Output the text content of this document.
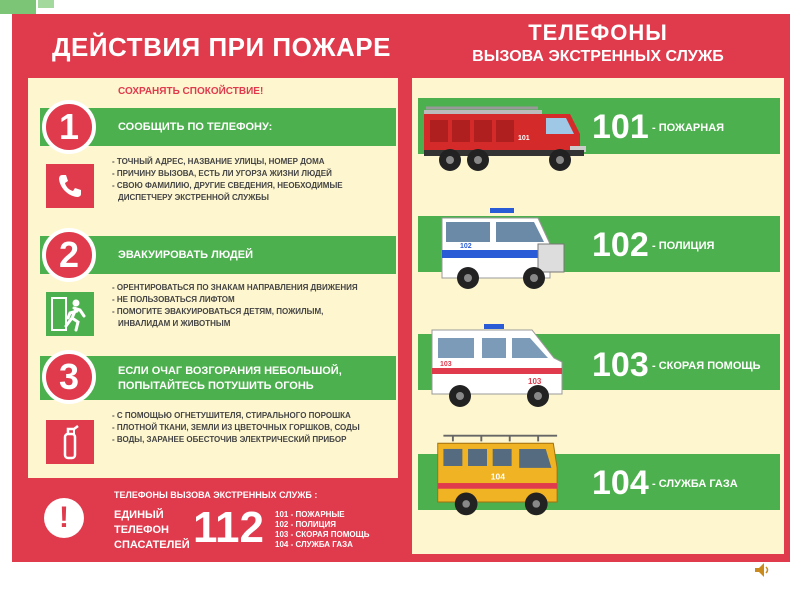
ДЕЙСТВИЯ ПРИ ПОЖАРЕ	ТЕЛЕФОНЫ
ВЫЗОВА ЭКСТРЕННЫХ СЛУЖБ
СОХРАНЯТЬ СПОКОЙСТВИЕ!
1	СООБЩИТЬ ПО ТЕЛЕФОНУ:
- ТОЧНЫЙ АДРЕС, НАЗВАНИЕ УЛИЦЫ, НОМЕР ДОМА
- ПРИЧИНУ ВЫЗОВА, ЕСТЬ ЛИ УГОРЗА ЖИЗНИ ЛЮДЕЙ
- СВОЮ ФАМИЛИЮ, ДРУГИЕ СВЕДЕНИЯ, НЕОБХОДИМЫЕ
ДИСПЕТЧЕРУ ЭКСТРЕННОЙ СЛУЖБЫ
2	ЭВАКУИРОВАТЬ ЛЮДЕЙ
- ОРЕНТИРОВАТЬСЯ ПО ЗНАКАМ НАПРАВЛЕНИЯ ДВИЖЕНИЯ
- НЕ ПОЛЬЗОВАТЬСЯ ЛИФТОМ
- ПОМОГИТЕ ЭВАКУИРОВАТЬСЯ ДЕТЯМ, ПОЖИЛЫМ,
ИНВАЛИДАМ И ЖИВОТНЫМ
3	ЕСЛИ ОЧАГ ВОЗГОРАНИЯ НЕБОЛЬШОЙ,
ПОПЫТАЙТЕСЬ ПОТУШИТЬ ОГОНЬ
- С ПОМОЩЬЮ ОГНЕТУШИТЕЛЯ, СТИРАЛЬНОГО ПОРОШКА
- ПЛОТНОЙ ТКАНИ, ЗЕМЛИ ИЗ ЦВЕТОЧНЫХ ГОРШКОВ, СОДЫ
- ВОДЫ, ЗАРАНЕЕ ОБЕСТОЧИВ ЭЛЕКТРИЧЕСКИЙ ПРИБОР
ТЕЛЕФОНЫ ВЫЗОВА ЭКСТРЕННЫХ СЛУЖБ :
!	ЕДИНЫЙ
ТЕЛЕФОН
СПАСАТЕЛЕЙ 112 101 - ПОЖАРНЫЕ
102 - ПОЛИЦИЯ
103 - СКОРАЯ ПОМОЩЬ
104 - СЛУЖБА ГАЗА
101 101 - ПОЖАРНАЯ
102	102 - ПОЛИЦИЯ
103
103 103 - СКОРАЯ ПОМОЩЬ
104	104 - СЛУЖБА ГАЗА
